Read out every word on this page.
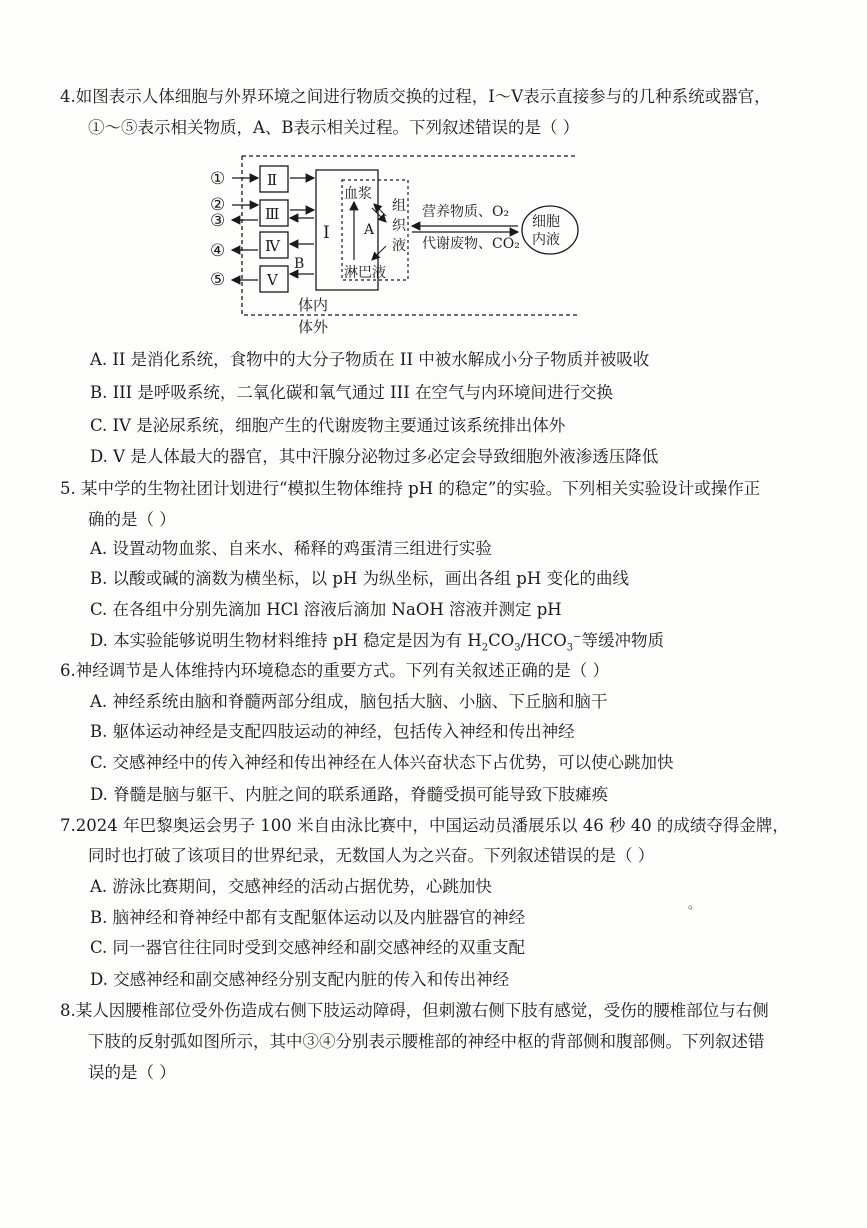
4.如图表示人体细胞与外界环境之间进行物质交换的过程，Ⅰ～Ⅴ表示直接参与的几种系统或器官，
①～⑤表示相关物质，A、B表示相关过程。下列叙述错误的是（ ）
①
②
③
④
⑤
Ⅱ
Ⅲ
Ⅳ
Ⅴ
B
Ⅰ
血浆
淋巴液
A
组
织
液
营养物质、O₂
代谢废物、CO₂
细胞
内液
体内
体外
A. II 是消化系统，食物中的大分子物质在 II 中被水解成小分子物质并被吸收
B. III 是呼吸系统，二氧化碳和氧气通过 III 在空气与内环境间进行交换
C. IV 是泌尿系统，细胞产生的代谢废物主要通过该系统排出体外
D. V 是人体最大的器官，其中汗腺分泌物过多必定会导致细胞外液渗透压降低
5. 某中学的生物社团计划进行“模拟生物体维持 pH 的稳定”的实验。下列相关实验设计或操作正
确的是（ ）
A. 设置动物血浆、自来水、稀释的鸡蛋清三组进行实验
B. 以酸或碱的滴数为横坐标，以 pH 为纵坐标，画出各组 pH 变化的曲线
C. 在各组中分别先滴加 HCl 溶液后滴加 NaOH 溶液并测定 pH
D. 本实验能够说明生物材料维持 pH 稳定是因为有 $H_2CO_3/HCO_3^-$等缓冲物质
6.神经调节是人体维持内环境稳态的重要方式。下列有关叙述正确的是（ ）
A. 神经系统由脑和脊髓两部分组成，脑包括大脑、小脑、下丘脑和脑干
B. 躯体运动神经是支配四肢运动的神经，包括传入神经和传出神经
C. 交感神经中的传入神经和传出神经在人体兴奋状态下占优势，可以使心跳加快
D. 脊髓是脑与躯干、内脏之间的联系通路，脊髓受损可能导致下肢瘫痪
7.2024 年巴黎奥运会男子 100 米自由泳比赛中，中国运动员潘展乐以 46 秒 40 的成绩夺得金牌，
同时也打破了该项目的世界纪录，无数国人为之兴奋。下列叙述错误的是（ ）
A. 游泳比赛期间，交感神经的活动占据优势，心跳加快
B. 脑神经和脊神经中都有支配躯体运动以及内脏器官的神经
。
C. 同一器官往往同时受到交感神经和副交感神经的双重支配
D. 交感神经和副交感神经分别支配内脏的传入和传出神经
8.某人因腰椎部位受外伤造成右侧下肢运动障碍，但刺激右侧下肢有感觉，受伤的腰椎部位与右侧
下肢的反射弧如图所示，其中③④分别表示腰椎部的神经中枢的背部侧和腹部侧。下列叙述错
误的是（ ）
